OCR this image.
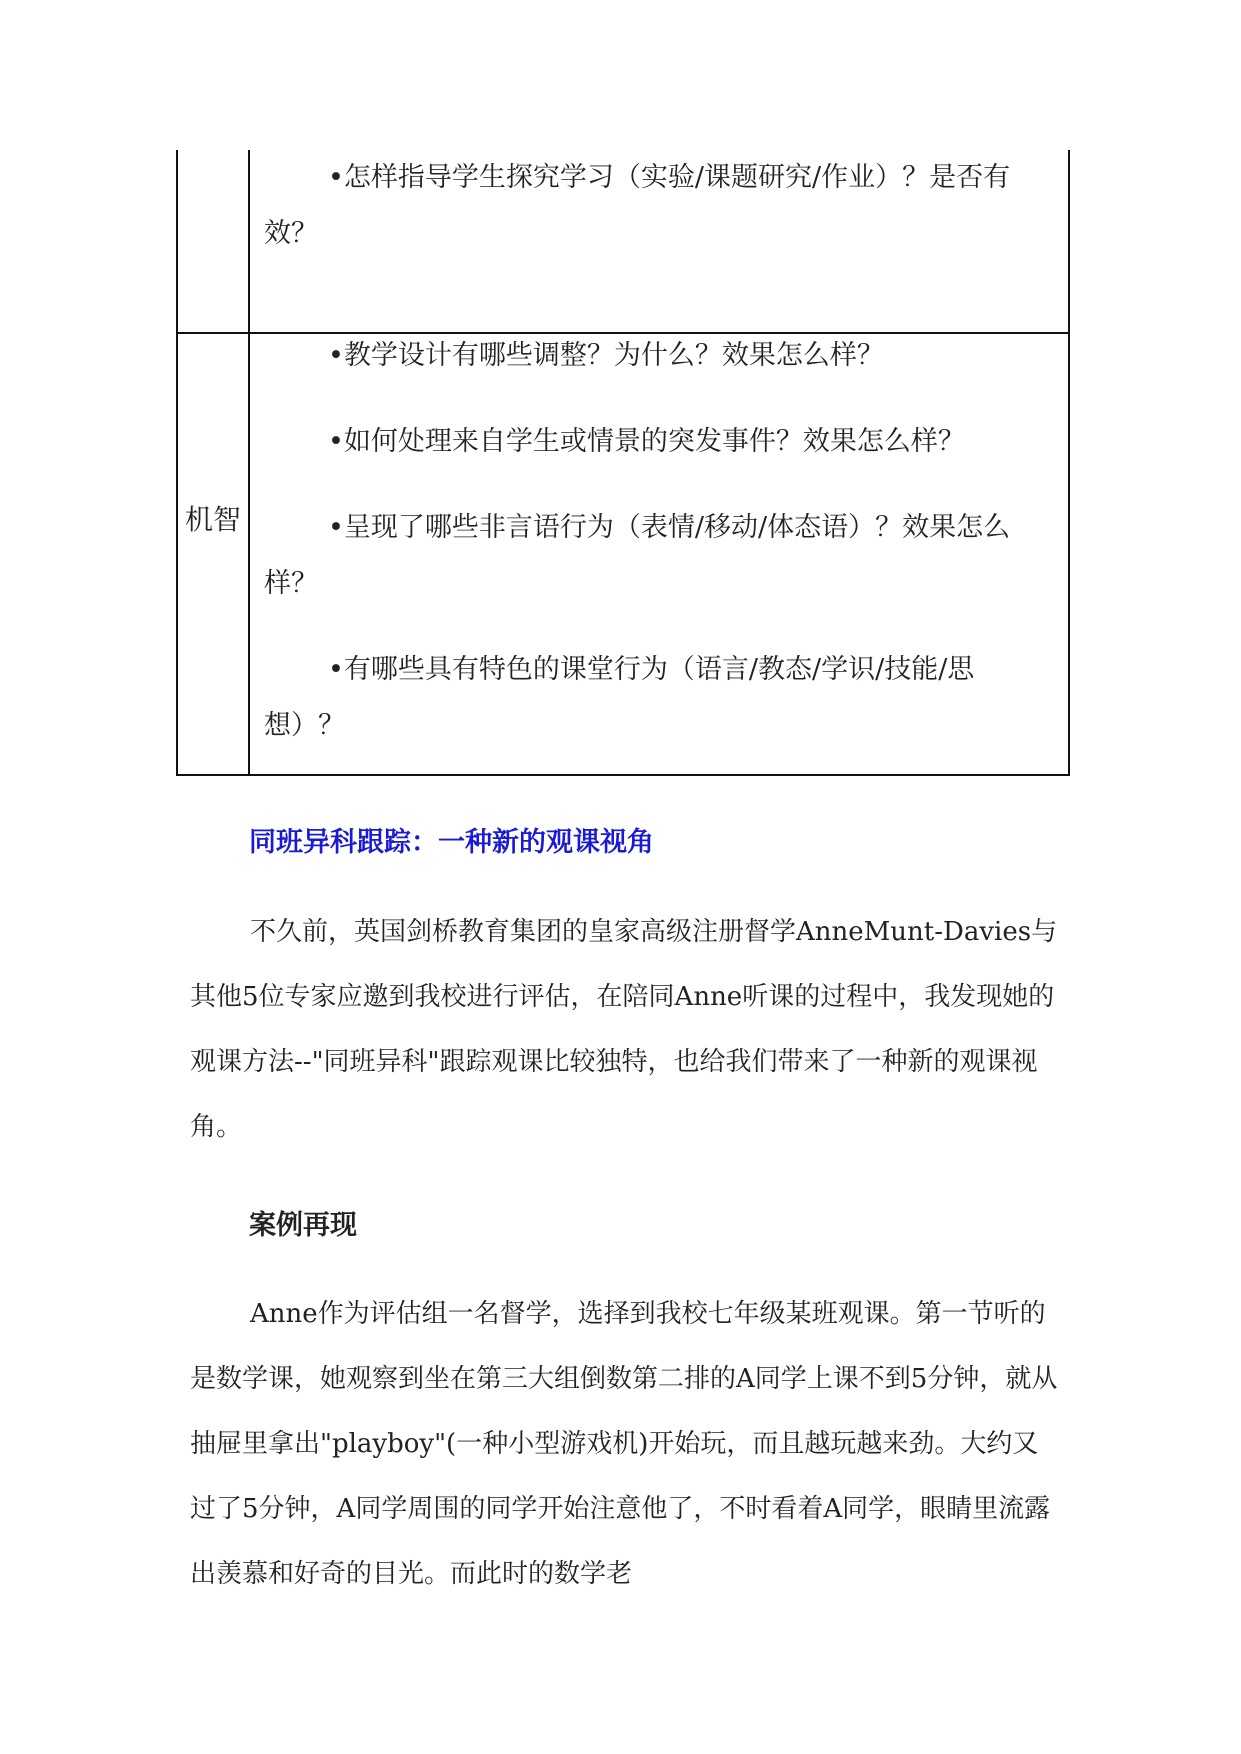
•怎样指导学生探究学习（实验/课题研究/作业）？是否有效？

机智

•教学设计有哪些调整？为什么？效果怎么样？

•如何处理来自学生或情景的突发事件？效果怎么样？

•呈现了哪些非言语行为（表情/移动/体态语）？效果怎么样？

•有哪些具有特色的课堂行为（语言/教态/学识/技能/思想）？

同班异科跟踪：一种新的观课视角

不久前，英国剑桥教育集团的皇家高级注册督学AnneMunt-Davies与其他5位专家应邀到我校进行评估，在陪同Anne听课的过程中，我发现她的观课方法--"同班异科"跟踪观课比较独特，也给我们带来了一种新的观课视角。

案例再现

Anne作为评估组一名督学，选择到我校七年级某班观课。第一节听的是数学课，她观察到坐在第三大组倒数第二排的A同学上课不到5分钟，就从抽屉里拿出"playboy"(一种小型游戏机)开始玩，而且越玩越来劲。大约又过了5分钟，A同学周围的同学开始注意他了，不时看着A同学，眼睛里流露出羡慕和好奇的目光。而此时的数学老
